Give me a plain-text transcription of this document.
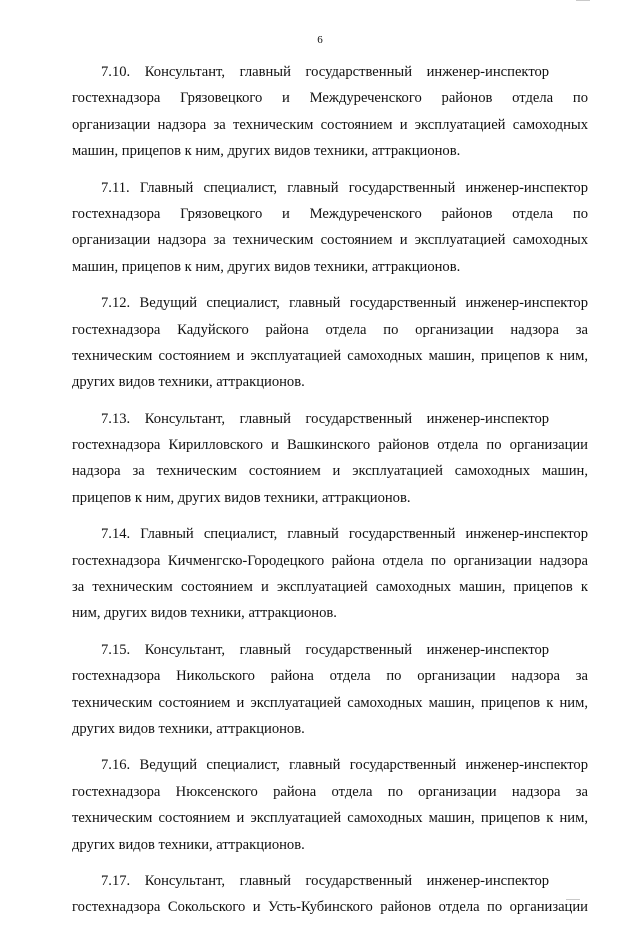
6
7.10. Консультант, главный государственный инженер-инспектор
гостехнадзора Грязовецкого и Междуреченского районов отдела по
организации надзора за техническим состоянием и эксплуатацией самоходных
машин, прицепов к ним, других видов техники, аттракционов.
7.11. Главный специалист, главный государственный инженер-инспектор
гостехнадзора Грязовецкого и Междуреченского районов отдела по
организации надзора за техническим состоянием и эксплуатацией самоходных
машин, прицепов к ним, других видов техники, аттракционов.
7.12. Ведущий специалист, главный государственный инженер-инспектор
гостехнадзора Кадуйского района отдела по организации надзора за
техническим состоянием и эксплуатацией самоходных машин, прицепов к ним,
других видов техники, аттракционов.
7.13. Консультант, главный государственный инженер-инспектор
гостехнадзора Кирилловского и Вашкинского районов отдела по организации
надзора за техническим состоянием и эксплуатацией самоходных машин,
прицепов к ним, других видов техники, аттракционов.
7.14. Главный специалист, главный государственный инженер-инспектор
гостехнадзора Кичменгско-Городецкого района отдела по организации надзора
за техническим состоянием и эксплуатацией самоходных машин, прицепов к
ним, других видов техники, аттракционов.
7.15. Консультант, главный государственный инженер-инспектор
гостехнадзора Никольского района отдела по организации надзора за
техническим состоянием и эксплуатацией самоходных машин, прицепов к ним,
других видов техники, аттракционов.
7.16. Ведущий специалист, главный государственный инженер-инспектор
гостехнадзора Нюксенского района отдела по организации надзора за
техническим состоянием и эксплуатацией самоходных машин, прицепов к ним,
других видов техники, аттракционов.
7.17. Консультант, главный государственный инженер-инспектор
гостехнадзора Сокольского и Усть-Кубинского районов отдела по организации
